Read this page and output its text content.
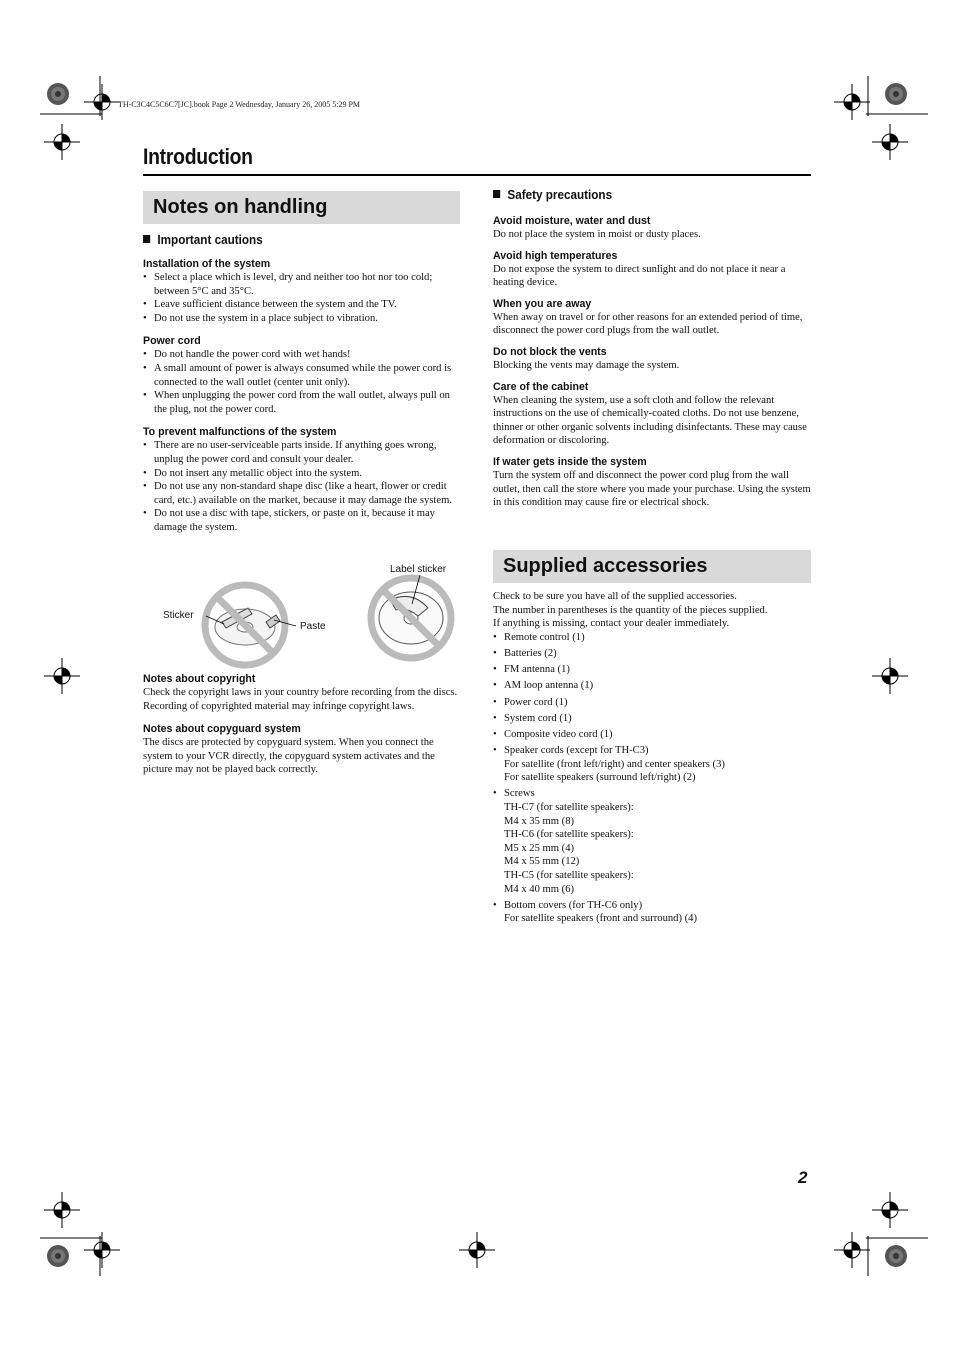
TH-C3C4C5C6C7[JC].book Page 2 Wednesday, January 26, 2005 5:29 PM
Introduction
Notes on handling
Important cautions

Installation of the system

• Select a place which is level, dry and neither too hot nor too cold; between 5°C and 35°C.
• Leave sufficient distance between the system and the TV.
• Do not use the system in a place subject to vibration.

Power cord

• Do not handle the power cord with wet hands!
• A small amount of power is always consumed while the power cord is connected to the wall outlet (center unit only).
• When unplugging the power cord from the wall outlet, always pull on the plug, not the power cord.

To prevent malfunctions of the system

• There are no user-serviceable parts inside. If anything goes wrong, unplug the power cord and consult your dealer.
• Do not insert any metallic object into the system.
• Do not use any non-standard shape disc (like a heart, flower or credit card, etc.) available on the market, because it may damage the system.
• Do not use a disc with tape, stickers, or paste on it, because it may damage the system.
Label sticker
Sticker
Paste

Notes about copyright

Check the copyright laws in your country before recording from the discs. Recording of copyrighted material may infringe copyright laws.

Notes about copyguard system

The discs are protected by copyguard system. When you connect the system to your VCR directly, the copyguard system activates and the picture may not be played back correctly.

Safety precautions

Avoid moisture, water and dust

Do not place the system in moist or dusty places.

Avoid high temperatures

Do not expose the system to direct sunlight and do not place it near a heating device.

When you are away

When away on travel or for other reasons for an extended period of time, disconnect the power cord plugs from the wall outlet.

Do not block the vents

Blocking the vents may damage the system.

Care of the cabinet

When cleaning the system, use a soft cloth and follow the relevant instructions on the use of chemically-coated cloths. Do not use benzene, thinner or other organic solvents including disinfectants. These may cause deformation or discoloring.

If water gets inside the system

Turn the system off and disconnect the power cord plug from the wall outlet, then call the store where you made your purchase. Using the system in this condition may cause fire or electrical shock.

Supplied accessories

Check to be sure you have all of the supplied accessories.

The number in parentheses is the quantity of the pieces supplied.

If anything is missing, contact your dealer immediately.

• Remote control (1)
• Batteries (2)
• FM antenna (1)
• AM loop antenna (1)
• Power cord (1)
• System cord (1)
• Composite video cord (1)
• Speaker cords (except for TH-C3)
For satellite (front left/right) and center speakers (3)
For satellite speakers (surround left/right) (2)
• Screws
TH-C7 (for satellite speakers):
M4 x 35 mm (8)
TH-C6 (for satellite speakers):
M5 x 25 mm (4)
M4 x 55 mm (12)
TH-C5 (for satellite speakers):
M4 x 40 mm (6)
• Bottom covers (for TH-C6 only)
For satellite speakers (front and surround) (4)
2
